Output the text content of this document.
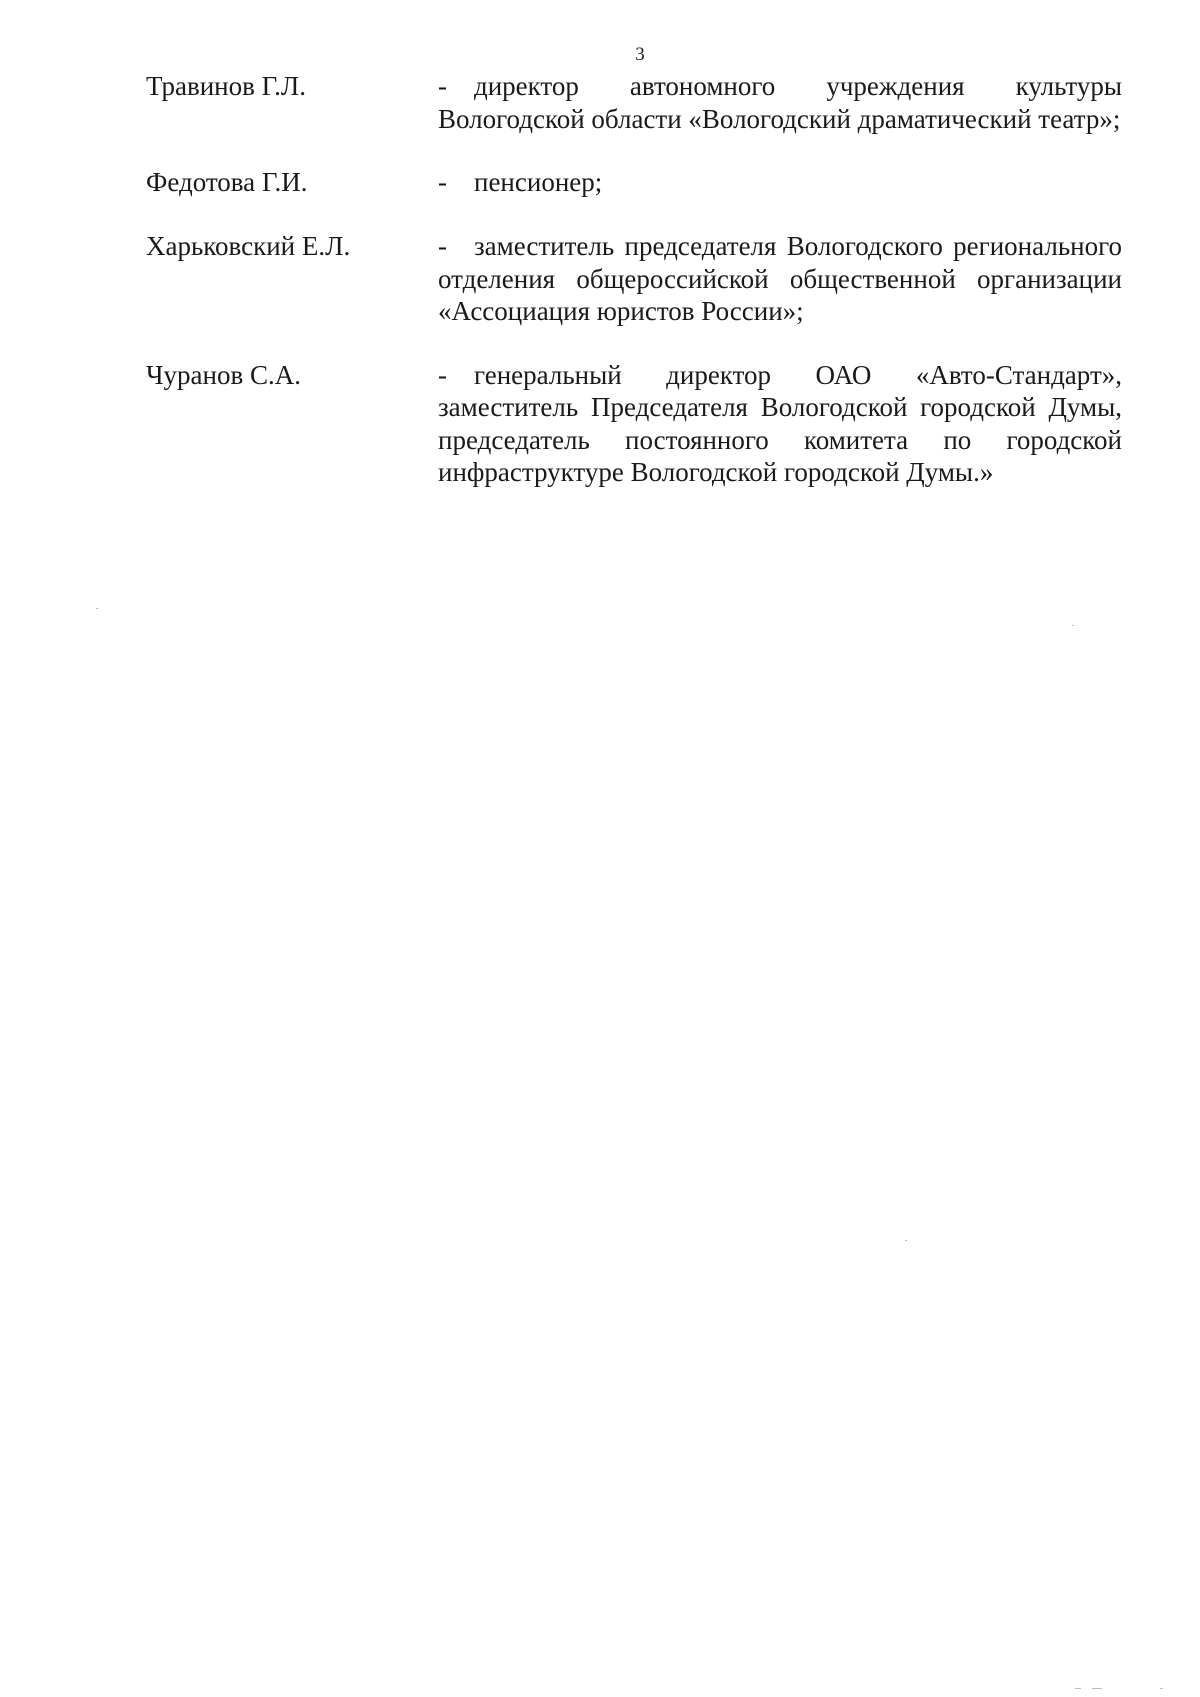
3
Травинов Г.Л.	- директор автономного учреждения культуры Вологодской области «Вологодский драматический театр»;
Федотова Г.И.	- пенсионер;
Харьковский Е.Л.	- заместитель председателя Вологодского регионального отделения общероссийской общественной организации «Ассоциация юристов России»;
Чуранов С.А.	- генеральный директор ОАО «Авто-Стандарт», заместитель Председателя Вологодской городской Думы, председатель постоянного комитета по городской инфраструктуре Вологодской городской Думы.»
